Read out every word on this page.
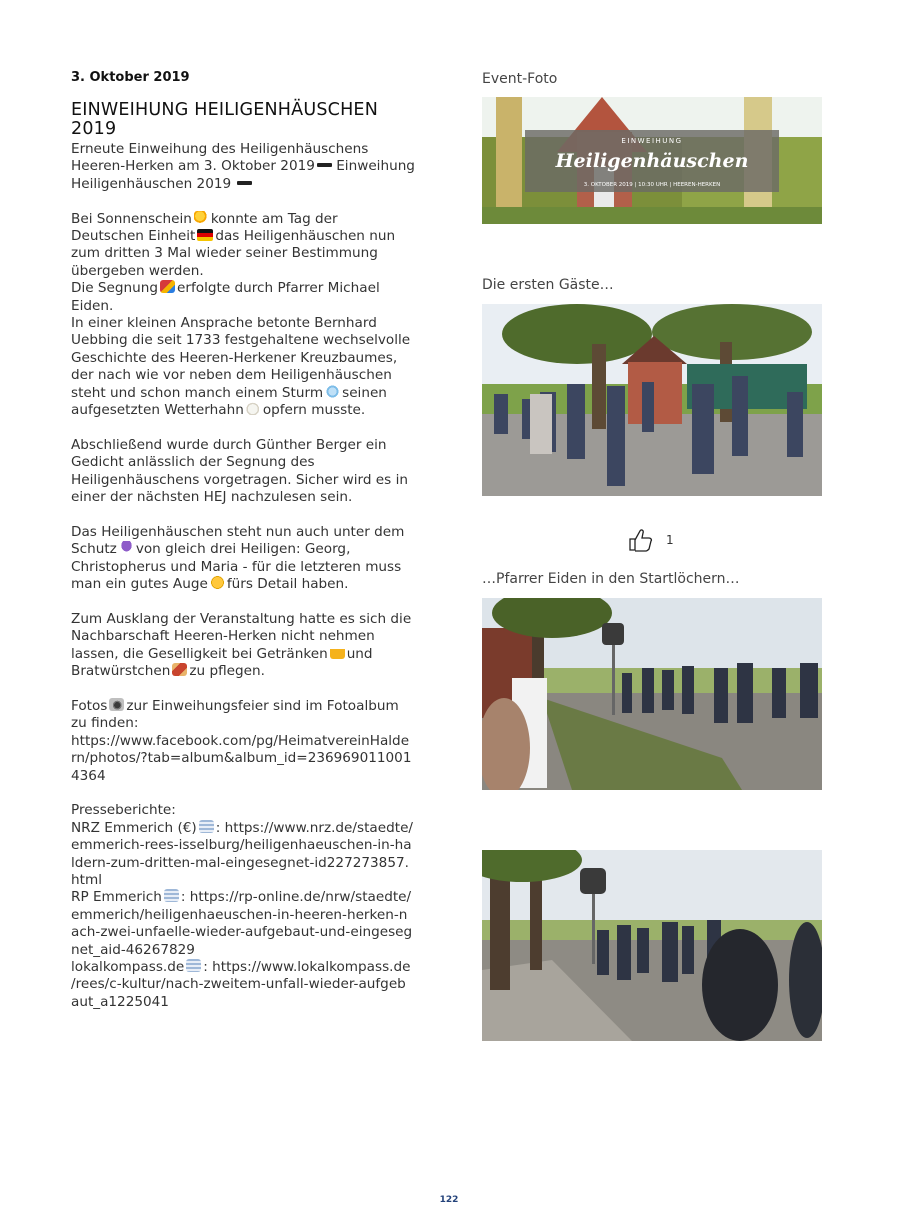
3. Oktober 2019
EINWEIHUNG HEILIGENHÄUSCHEN 2019
Erneute Einweihung des Heiligenhäuschens
Heeren-Herken am 3. Oktober 2019 Einweihung
Heiligenhäuschen 2019
Bei Sonnenschein konnte am Tag der
Deutschen Einheit das Heiligenhäuschen nun
zum dritten 3 Mal wieder seiner Bestimmung
übergeben werden.
Die Segnung erfolgte durch Pfarrer Michael
Eiden.
In einer kleinen Ansprache betonte Bernhard
Uebbing die seit 1733 festgehaltene wechselvolle
Geschichte des Heeren-Herkener Kreuzbaumes,
der nach wie vor neben dem Heiligenhäuschen
steht und schon manch einem Sturm seinen
aufgesetzten Wetterhahn opfern musste.
Abschließend wurde durch Günther Berger ein
Gedicht anlässlich der Segnung des
Heiligenhäuschens vorgetragen. Sicher wird es in
einer der nächsten HEJ nachzulesen sein.
Das Heiligenhäuschen steht nun auch unter dem
Schutz von gleich drei Heiligen: Georg,
Christopherus und Maria - für die letzteren muss
man ein gutes Auge fürs Detail haben.
Zum Ausklang der Veranstaltung hatte es sich die
Nachbarschaft Heeren-Herken nicht nehmen
lassen, die Geselligkeit bei Getränken und
Bratwürstchen zu pflegen.
Fotos zur Einweihungsfeier sind im Fotoalbum
zu finden:
https://www.facebook.com/pg/HeimatvereinHalde
rn/photos/?tab=album&album_id=236969011001
4364
Presseberichte:
NRZ Emmerich (€) : https://www.nrz.de/staedte/
emmerich-rees-isselburg/heiligenhaeuschen-in-ha
ldern-zum-dritten-mal-eingesegnet-id227273857.
html
RP Emmerich : https://rp-online.de/nrw/staedte/
emmerich/heiligenhaeuschen-in-heeren-herken-n
ach-zwei-unfaelle-wieder-aufgebaut-und-eingeseg
net_aid-46267829
lokalkompass.de : https://www.lokalkompass.de
/rees/c-kultur/nach-zweitem-unfall-wieder-aufgeb
aut_a1225041
Event-Foto
EINWEIHUNG
Heiligenhäuschen
3. OKTOBER 2019 | 10:30 UHR | HEEREN-HERKEN
Die ersten Gäste…
1
…Pfarrer Eiden in den Startlöchern…
122
